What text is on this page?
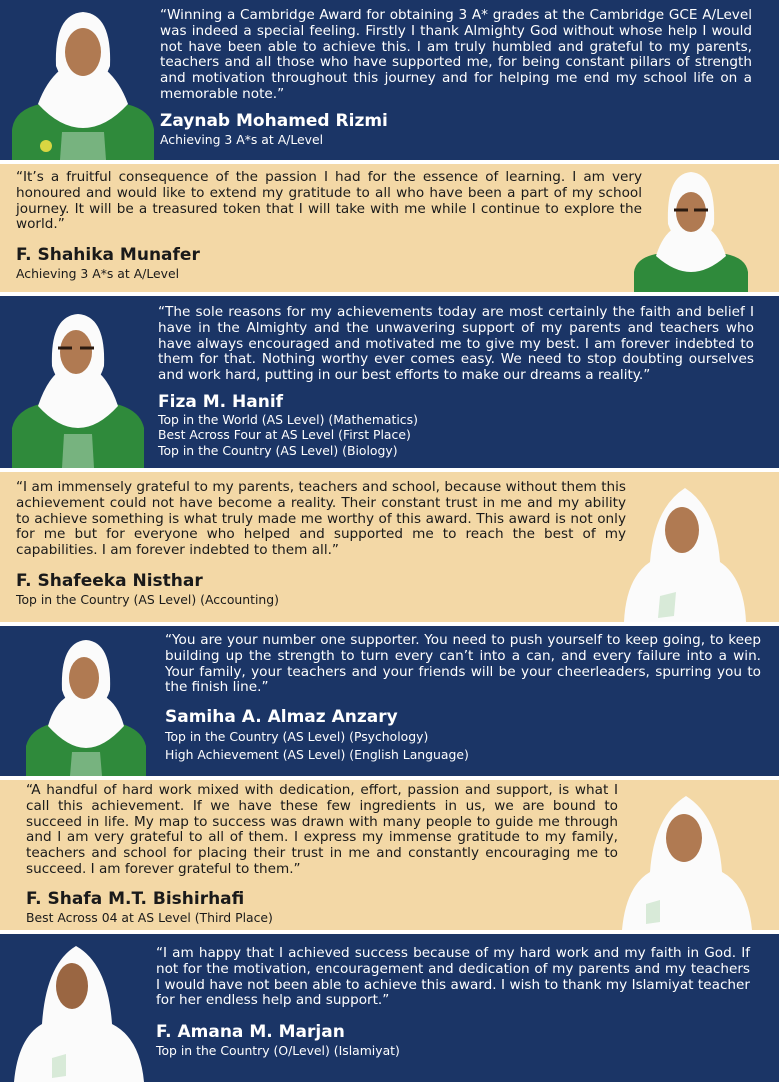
“Winning a Cambridge Award for obtaining 3 A* grades at the Cambridge GCE A/Level was indeed a special feeling. Firstly I thank Almighty God without whose help I would not have been able to achieve this. I am truly humbled and grateful to my parents, teachers and all those who have supported me, for being constant pillars of strength and motivation throughout this journey and for helping me end my school life on a memorable note.”

Zaynab Mohamed Rizmi

Achieving 3 A*s at A/Level

“It’s a fruitful consequence of the passion I had for the essence of learning. I am very honoured and would like to extend my gratitude to all who have been a part of my school journey. It will be a treasured token that I will take with me while I continue to explore the world.”

F. Shahika Munafer

Achieving 3 A*s at A/Level

“The sole reasons for my achievements today are most certainly the faith and belief I have in the Almighty and the unwavering support of my parents and teachers who have always encouraged and motivated me to give my best. I am forever indebted to them for that. Nothing worthy ever comes easy. We need to stop doubting ourselves and work hard, putting in our best efforts to make our dreams a reality.”

Fiza M. Hanif

Top in the World (AS Level) (Mathematics)

Best Across Four at AS Level (First Place)

Top in the Country (AS Level) (Biology)

“I am immensely grateful to my parents, teachers and school, because without them this achievement could not have become a reality. Their constant trust in me and my ability to achieve something is what truly made me worthy of this award. This award is not only for me but for everyone who helped and supported me to reach the best of my capabilities. I am forever indebted to them all.”

F. Shafeeka Nisthar

Top in the Country (AS Level) (Accounting)

“You are your number one supporter. You need to push yourself to keep going, to keep building up the strength to turn every can’t into a can, and every failure into a win. Your family, your teachers and your friends will be your cheerleaders, spurring you to the finish line.”

Samiha A. Almaz Anzary

Top in the Country (AS Level) (Psychology)

High Achievement (AS Level) (English Language)

“A handful of hard work mixed with dedication, effort, passion and support, is what I call this achievement. If we have these few ingredients in us, we are bound to succeed in life. My map to success was drawn with many people to guide me through and I am very grateful to all of them. I express my immense gratitude to my family, teachers and school for placing their trust in me and constantly encouraging me to succeed. I am forever grateful to them.”

F. Shafa M.T. Bishirhafi

Best Across 04 at AS Level (Third Place)

“I am happy that I achieved success because of my hard work and my faith in God. If not for the motivation, encouragement and dedication of my parents and my teachers I would have not been able to achieve this award. I wish to thank my Islamiyat teacher for her endless help and support.”

F. Amana M. Marjan

Top in the Country (O/Level) (Islamiyat)
